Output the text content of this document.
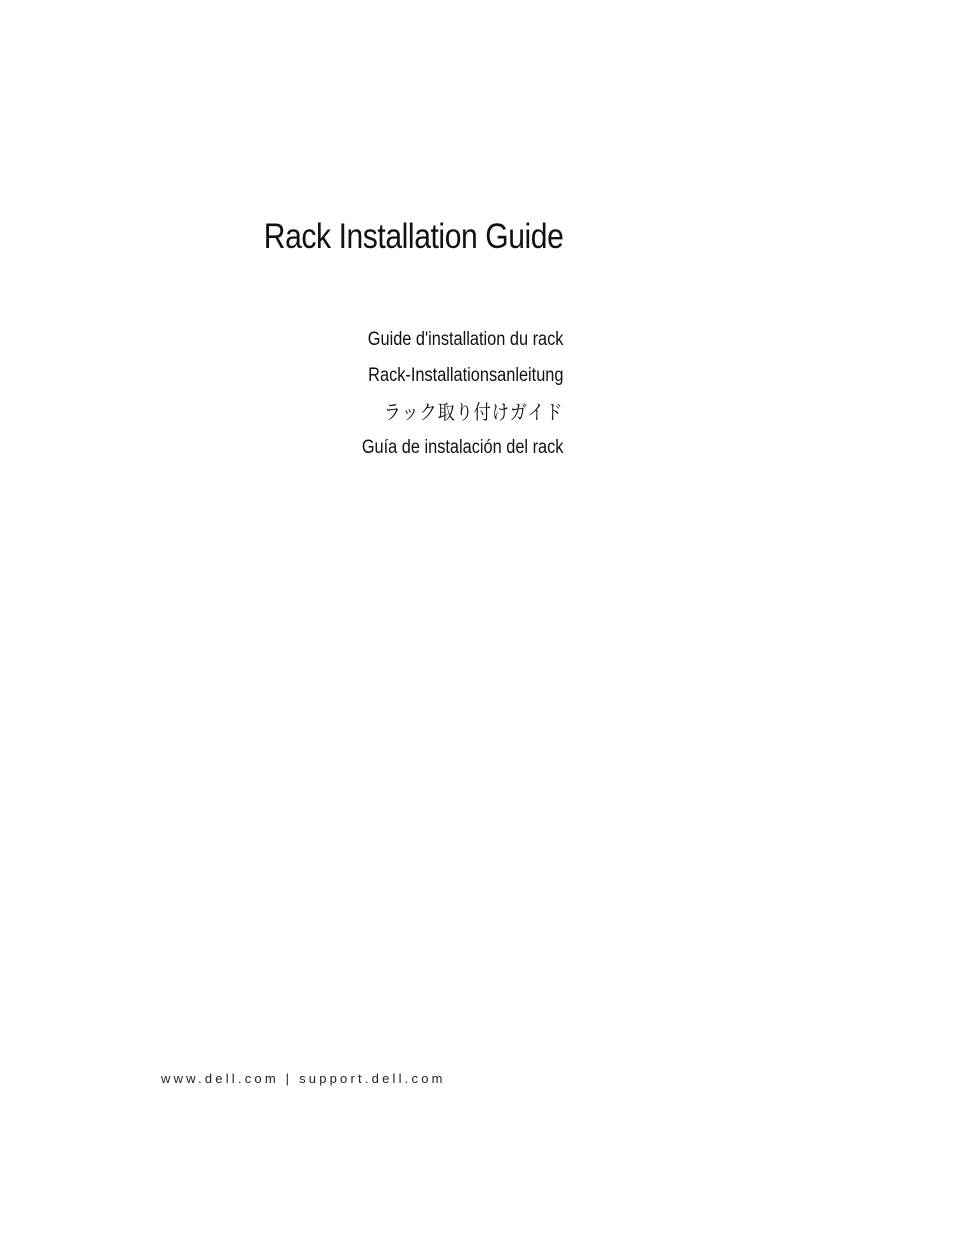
Rack Installation Guide
Guide d'installation du rack
Rack-Installationsanleitung
ラック取り付けガイド
Guía de instalación del rack
www.dell.com | support.dell.com
